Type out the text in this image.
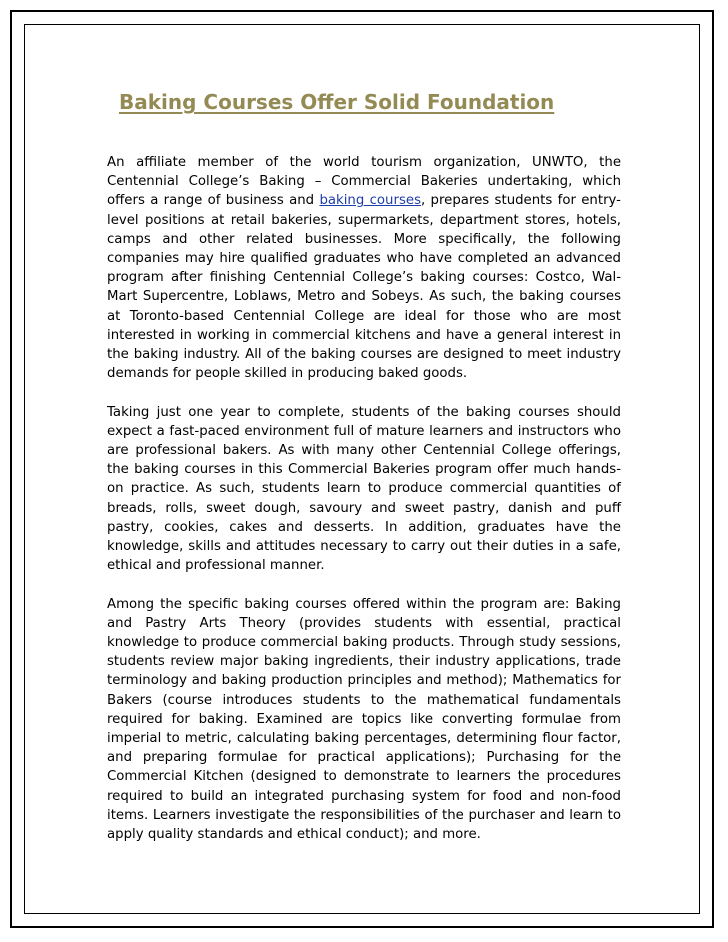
Baking Courses Offer Solid Foundation

An affiliate member of the world tourism organization, UNWTO, the Centennial College’s Baking – Commercial Bakeries undertaking, which offers a range of business and baking courses, prepares students for entry-level positions at retail bakeries, supermarkets, department stores, hotels, camps and other related businesses. More specifically, the following companies may hire qualified graduates who have completed an advanced program after finishing Centennial College’s baking courses: Costco, Wal-Mart Supercentre, Loblaws, Metro and Sobeys. As such, the baking courses at Toronto-based Centennial College are ideal for those who are most interested in working in commercial kitchens and have a general interest in the baking industry. All of the baking courses are designed to meet industry demands for people skilled in producing baked goods.

Taking just one year to complete, students of the baking courses should expect a fast-paced environment full of mature learners and instructors who are professional bakers. As with many other Centennial College offerings, the baking courses in this Commercial Bakeries program offer much hands-on practice. As such, students learn to produce commercial quantities of breads, rolls, sweet dough, savoury and sweet pastry, danish and puff pastry, cookies, cakes and desserts. In addition, graduates have the knowledge, skills and attitudes necessary to carry out their duties in a safe, ethical and professional manner.

Among the specific baking courses offered within the program are: Baking and Pastry Arts Theory (provides students with essential, practical knowledge to produce commercial baking products. Through study sessions, students review major baking ingredients, their industry applications, trade terminology and baking production principles and method); Mathematics for Bakers (course introduces students to the mathematical fundamentals required for baking. Examined are topics like converting formulae from imperial to metric, calculating baking percentages, determining flour factor, and preparing formulae for practical applications); Purchasing for the Commercial Kitchen (designed to demonstrate to learners the procedures required to build an integrated purchasing system for food and non-food items. Learners investigate the responsibilities of the purchaser and learn to apply quality standards and ethical conduct); and more.
